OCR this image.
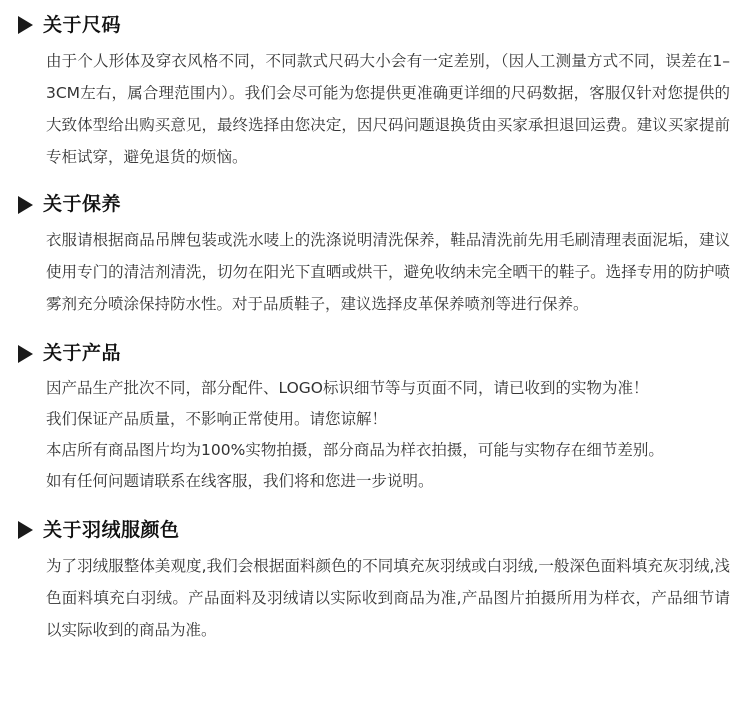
关于尺码

由于个人形体及穿衣风格不同，不同款式尺码大小会有一定差别，（因人工测量方式不同，误差在1–3CM左右，属合理范围内）。我们会尽可能为您提供更准确更详细的尺码数据，客服仅针对您提供的大致体型给出购买意见，最终选择由您决定，因尺码问题退换货由买家承担退回运费。建议买家提前专柜试穿，避免退货的烦恼。

关于保养

衣服请根据商品吊牌包装或洗水唛上的洗涤说明清洗保养，鞋品清洗前先用毛刷清理表面泥垢，建议使用专门的清洁剂清洗，切勿在阳光下直晒或烘干，避免收纳未完全晒干的鞋子。选择专用的防护喷雾剂充分喷涂保持防水性。对于品质鞋子，建议选择皮革保养喷剂等进行保养。

关于产品

因产品生产批次不同，部分配件、LOGO标识细节等与页面不同，请已收到的实物为准！

我们保证产品质量，不影响正常使用。请您谅解！

本店所有商品图片均为100%实物拍摄，部分商品为样衣拍摄，可能与实物存在细节差别。

如有任何问题请联系在线客服，我们将和您进一步说明。

关于羽绒服颜色

为了羽绒服整体美观度,我们会根据面料颜色的不同填充灰羽绒或白羽绒,一般深色面料填充灰羽绒,浅色面料填充白羽绒。产品面料及羽绒请以实际收到商品为准,产品图片拍摄所用为样衣，产品细节请以实际收到的商品为准。
